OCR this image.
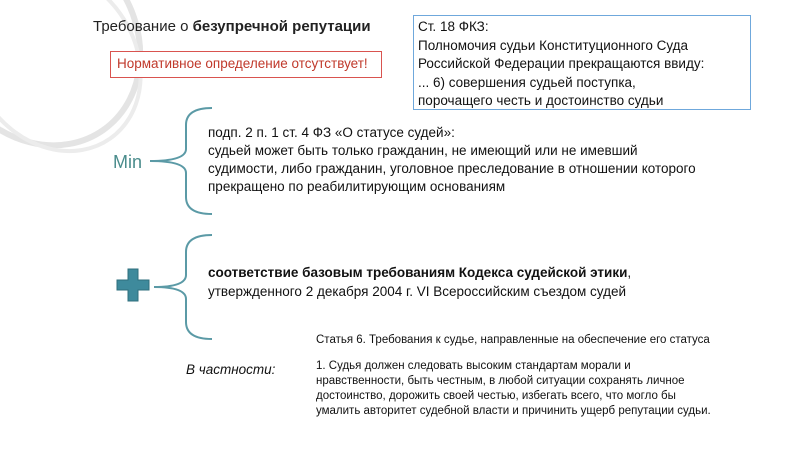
Требование о безупречной репутации
Нормативное определение отсутствует!
Ст. 18 ФКЗ:
Полномочия судьи Конституционного Суда
Российской Федерации прекращаются ввиду:
... 6) совершения судьей поступка,
порочащего честь и достоинство судьи
Min
подп. 2 п. 1 ст. 4 ФЗ «О статусе судей»:
судьей может быть только гражданин, не имеющий или не имевший
судимости, либо гражданин, уголовное преследование в отношении которого
прекращено по реабилитирующим основаниям
соответствие базовым требованиям Кодекса судейской этики,
утвержденного 2 декабря 2004 г. VI Всероссийским съездом судей
В частности:

Статья 6. Требования к судье, направленные на обеспечение его статуса

1. Судья должен следовать высоким стандартам морали и

нравственности, быть честным, в любой ситуации сохранять личное

достоинство, дорожить своей честью, избегать всего, что могло бы

умалить авторитет судебной власти и причинить ущерб репутации судьи.
